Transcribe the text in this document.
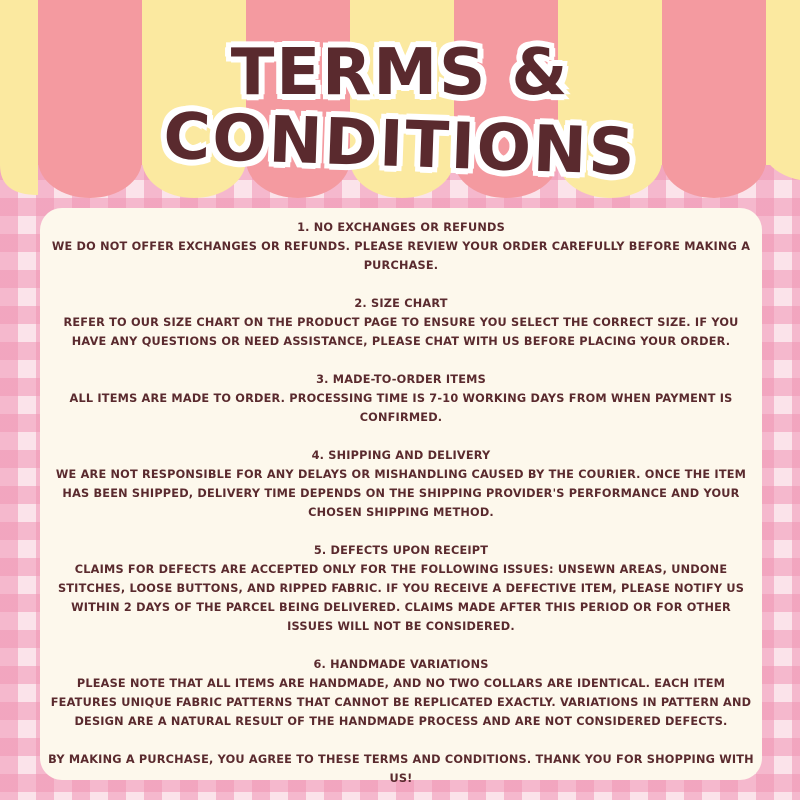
TERMS &
CONDITIONS

1. NO EXCHANGES OR REFUNDS

WE DO NOT OFFER EXCHANGES OR REFUNDS. PLEASE REVIEW YOUR ORDER CAREFULLY BEFORE MAKING A PURCHASE.

2. SIZE CHART

REFER TO OUR SIZE CHART ON THE PRODUCT PAGE TO ENSURE YOU SELECT THE CORRECT SIZE. IF YOU HAVE ANY QUESTIONS OR NEED ASSISTANCE, PLEASE CHAT WITH US BEFORE PLACING YOUR ORDER.

3. MADE-TO-ORDER ITEMS

ALL ITEMS ARE MADE TO ORDER. PROCESSING TIME IS 7-10 WORKING DAYS FROM WHEN PAYMENT IS CONFIRMED.

4. SHIPPING AND DELIVERY

WE ARE NOT RESPONSIBLE FOR ANY DELAYS OR MISHANDLING CAUSED BY THE COURIER. ONCE THE ITEM HAS BEEN SHIPPED, DELIVERY TIME DEPENDS ON THE SHIPPING PROVIDER'S PERFORMANCE AND YOUR CHOSEN SHIPPING METHOD.

5. DEFECTS UPON RECEIPT

CLAIMS FOR DEFECTS ARE ACCEPTED ONLY FOR THE FOLLOWING ISSUES: UNSEWN AREAS, UNDONE STITCHES, LOOSE BUTTONS, AND RIPPED FABRIC. IF YOU RECEIVE A DEFECTIVE ITEM, PLEASE NOTIFY US WITHIN 2 DAYS OF THE PARCEL BEING DELIVERED. CLAIMS MADE AFTER THIS PERIOD OR FOR OTHER ISSUES WILL NOT BE CONSIDERED.

6. HANDMADE VARIATIONS

PLEASE NOTE THAT ALL ITEMS ARE HANDMADE, AND NO TWO COLLARS ARE IDENTICAL. EACH ITEM FEATURES UNIQUE FABRIC PATTERNS THAT CANNOT BE REPLICATED EXACTLY. VARIATIONS IN PATTERN AND DESIGN ARE A NATURAL RESULT OF THE HANDMADE PROCESS AND ARE NOT CONSIDERED DEFECTS.

BY MAKING A PURCHASE, YOU AGREE TO THESE TERMS AND CONDITIONS. THANK YOU FOR SHOPPING WITH US!
